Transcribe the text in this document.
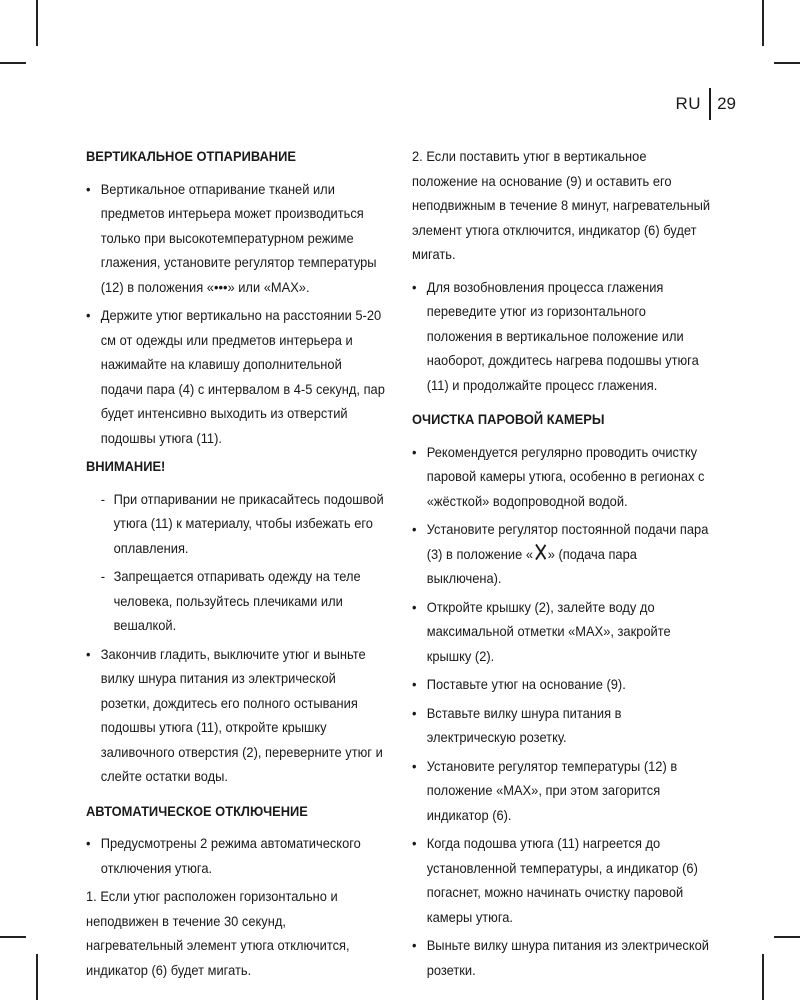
RU 29
ВЕРТИКАЛЬНОЕ ОТПАРИВАНИЕ
• Вертикальное отпаривание тканей или предметов интерьера может производиться только при высокотемпературном режиме глажения, установите регулятор температуры (12) в положения «•••» или «MAX».
• Держите утюг вертикально на расстоянии 5-20 см от одежды или предметов интерьера и нажимайте на клавишу дополнительной подачи пара (4) с интервалом в 4-5 секунд, пар будет интенсивно выходить из отверстий подошвы утюга (11).
ВНИМАНИЕ!
- При отпаривании не прикасайтесь подошвой утюга (11) к материалу, чтобы избежать его оплавления.
- Запрещается отпаривать одежду на теле человека, пользуйтесь плечиками или вешалкой.
• Закончив гладить, выключите утюг и выньте вилку шнура питания из электрической розетки, дождитесь его полного остывания подошвы утюга (11), откройте крышку заливочного отверстия (2), переверните утюг и слейте остатки воды.
АВТОМАТИЧЕСКОЕ ОТКЛЮЧЕНИЕ
• Предусмотрены 2 режима автоматического отключения утюга.
1. Если утюг расположен горизонтально и неподвижен в течение 30 секунд, нагревательный элемент утюга отключится, индикатор (6) будет мигать.
2. Если поставить утюг в вертикальное положение на основание (9) и оставить его неподвижным в течение 8 минут, нагревательный элемент утюга отключится, индикатор (6) будет мигать.
• Для возобновления процесса глажения переведите утюг из горизонтального положения в вертикальное положение или наоборот, дождитесь нагрева подошвы утюга (11) и продолжайте процесс глажения.
ОЧИСТКА ПАРОВОЙ КАМЕРЫ
• Рекомендуется регулярно проводить очистку паровой камеры утюга, особенно в регионах с «жёсткой» водопроводной водой.
• Установите регулятор постоянной подачи пара (3) в положение « » (подача пара выключена).
• Откройте крышку (2), залейте воду до максимальной отметки «MAX», закройте крышку (2).
• Поставьте утюг на основание (9).
• Вставьте вилку шнура питания в электрическую розетку.
• Установите регулятор температуры (12) в положение «MAX», при этом загорится индикатор (6).
• Когда подошва утюга (11) нагреется до установленной температуры, а индикатор (6) погаснет, можно начинать очистку паровой камеры утюга.
• Выньте вилку шнура питания из электрической розетки.
